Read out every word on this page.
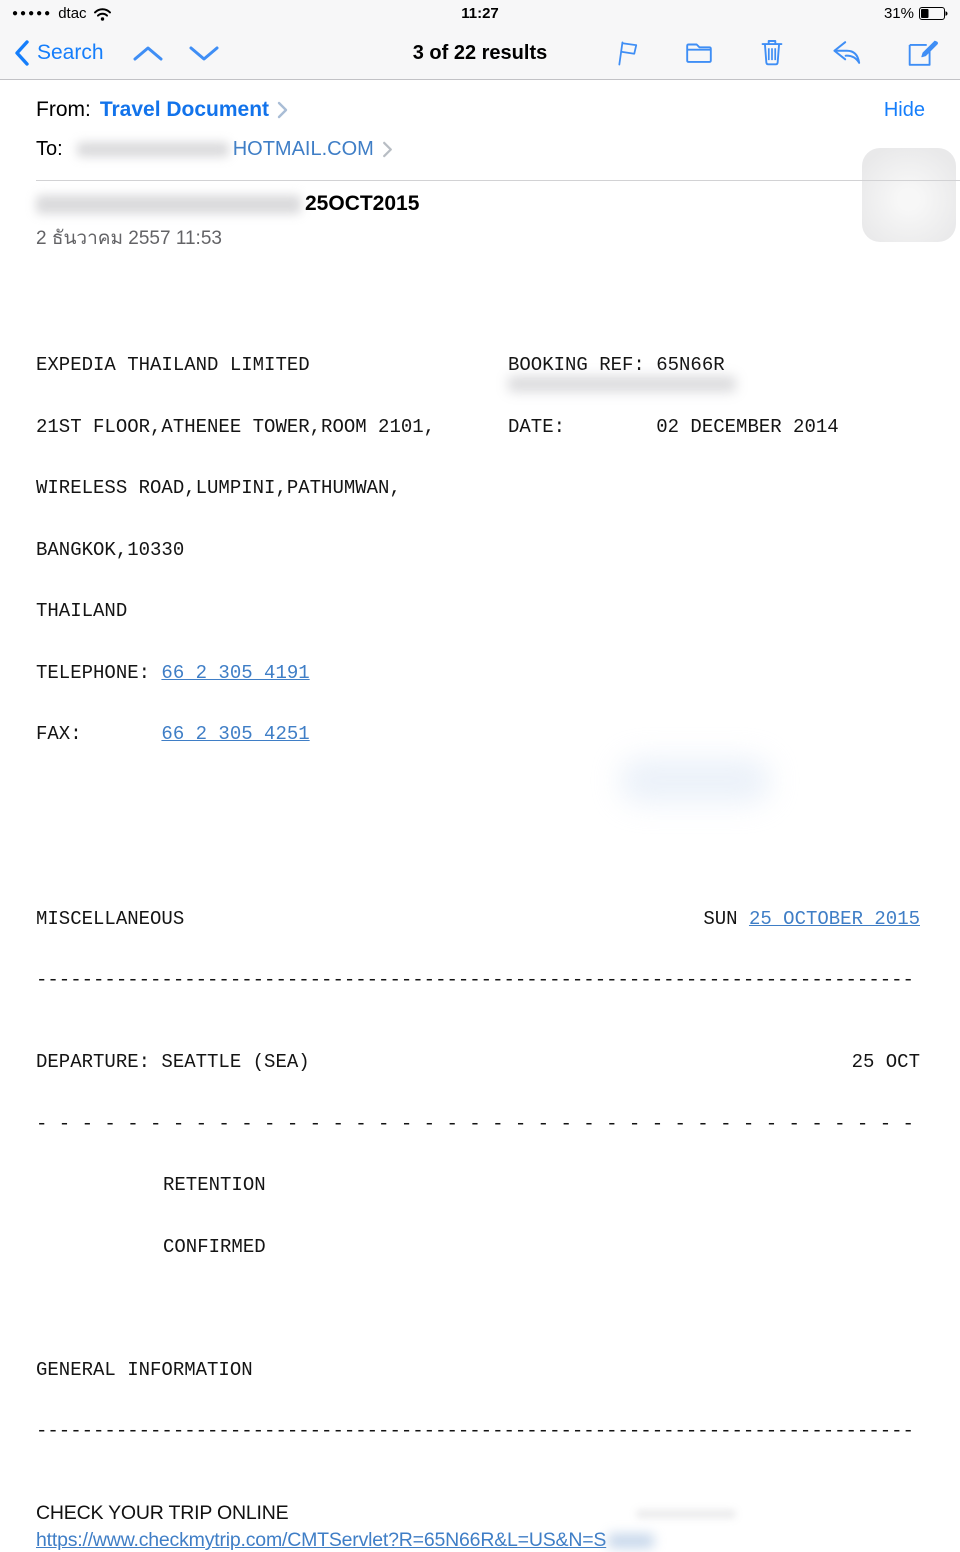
●●●●● dtac	11:27	31%
Search	3 of 22 results
From: Travel Document	Hide
To:	HOTMAIL.COM
25OCT2015
2 ธันวาคม 2557 11:53

EXPEDIA THAILAND LIMITED

21ST FLOOR,ATHENEE TOWER,ROOM 2101,

WIRELESS ROAD,LUMPINI,PATHUMWAN,

BANGKOK,10330

THAILAND

TELEPHONE: 66 2 305 4191

FAX:       66 2 305 4251

BOOKING REF: 65N66R

DATE:        02 DECEMBER 2014

MISCELLANEOUS	SUN 25 OCTOBER 2015

-----------------------------------------------------------------------------

DEPARTURE: SEATTLE (SEA)	25 OCT

- - - - - - - - - - - - - - - - - - - - - - - - - - - - - - - - - - - - - - -

RETENTION

CONFIRMED

GENERAL INFORMATION

-----------------------------------------------------------------------------

CHECK YOUR TRIP ONLINE
https://www.checkmytrip.com/CMTServlet?R=65N66R&L=US&N=S
